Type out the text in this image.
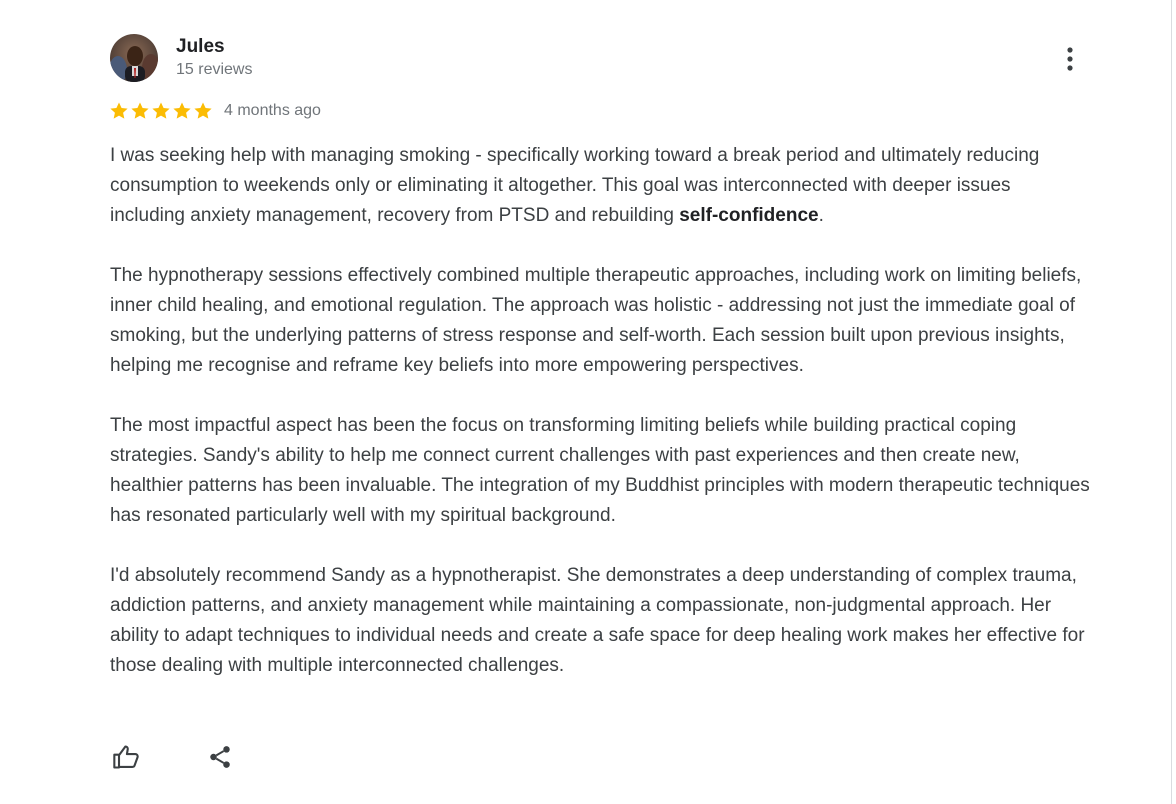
Jules
15 reviews
4 months ago

I was seeking help with managing smoking - specifically working toward a break period and ultimately reducing consumption to weekends only or eliminating it altogether. This goal was interconnected with deeper issues including anxiety management, recovery from PTSD and rebuilding self-confidence.

The hypnotherapy sessions effectively combined multiple therapeutic approaches, including work on limiting beliefs, inner child healing, and emotional regulation. The approach was holistic - addressing not just the immediate goal of smoking, but the underlying patterns of stress response and self-worth. Each session built upon previous insights, helping me recognise and reframe key beliefs into more empowering perspectives.

The most impactful aspect has been the focus on transforming limiting beliefs while building practical coping strategies. Sandy's ability to help me connect current challenges with past experiences and then create new, healthier patterns has been invaluable. The integration of my Buddhist principles with modern therapeutic techniques has resonated particularly well with my spiritual background.

I'd absolutely recommend Sandy as a hypnotherapist. She demonstrates a deep understanding of complex trauma, addiction patterns, and anxiety management while maintaining a compassionate, non-judgmental approach. Her ability to adapt techniques to individual needs and create a safe space for deep healing work makes her effective for those dealing with multiple interconnected challenges.
